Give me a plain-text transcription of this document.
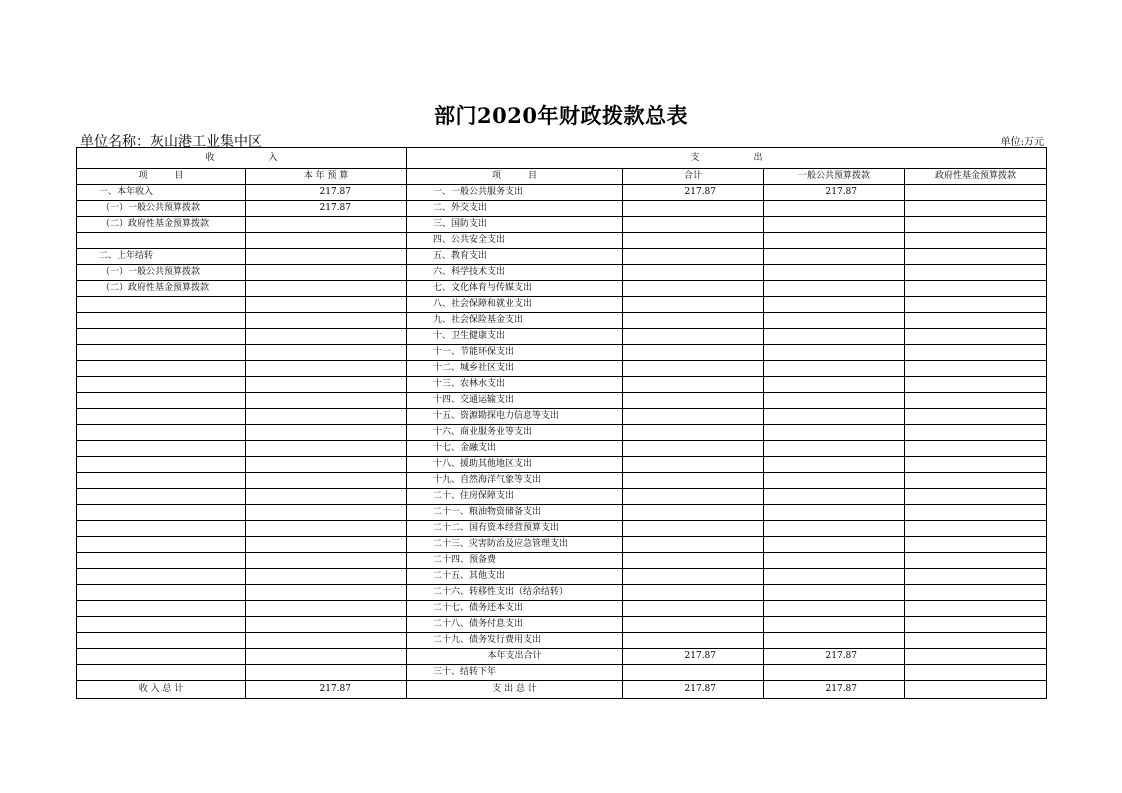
部门2020年财政拨款总表
单位名称：灰山港工业集中区	单位:万元
收　　　　　　入		支　　　　　　出			
项　　　目	本 年 预 算	项　　　目	合计	一般公共预算拨款	政府性基金预算拨款
一、本年收入	217.87	一、一般公共服务支出	217.87	217.87	
（一）一般公共预算拨款	217.87	二、外交支出			
（二）政府性基金预算拨款		三、国防支出			
		四、公共安全支出			
二、上年结转		五、教育支出			
（一）一般公共预算拨款		六、科学技术支出			
（二）政府性基金预算拨款		七、文化体育与传媒支出			
		八、社会保障和就业支出			
		九、社会保险基金支出			
		十、卫生健康支出			
		十一、节能环保支出			
		十二、城乡社区支出			
		十三、农林水支出			
		十四、交通运输支出			
		十五、资源勘探电力信息等支出			
		十六、商业服务业等支出			
		十七、金融支出			
		十八、援助其他地区支出			
		十九、自然海洋气象等支出			
		二十、住房保障支出			
		二十一、粮油物资储备支出			
		二十二、国有资本经营预算支出			
		二十三、灾害防治及应急管理支出			
		二十四、预备费			
		二十五、其他支出			
		二十六、转移性支出（结余结转）			
		二十七、债务还本支出			
		二十八、债务付息支出			
		二十九、债务发行费用支出			
		本年支出合计	217.87	217.87	
		三十、结转下年			
收 入 总 计	217.87	支 出 总 计	217.87	217.87	
